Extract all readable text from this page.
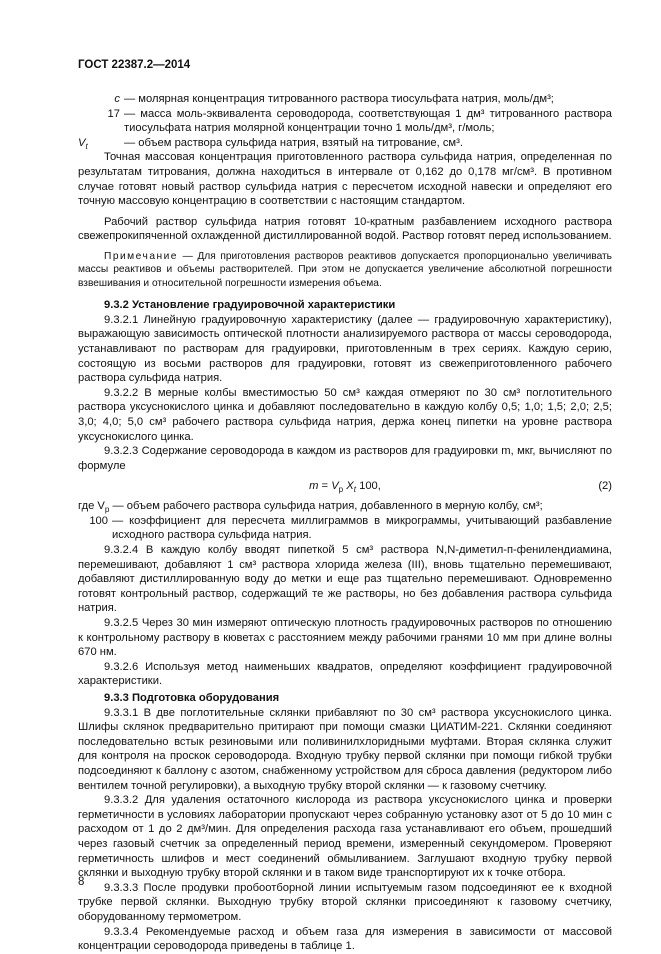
ГОСТ 22387.2—2014
с — молярная концентрация титрованного раствора тиосульфата натрия, моль/дм³;
17 — масса моль-эквивалента сероводорода, соответствующая 1 дм³ титрованного раствора тиосульфата натрия молярной концентрации точно 1 моль/дм³, г/моль;
$V_t$	— объем раствора сульфида натрия, взятый на титрование, см³.

Точная массовая концентрация приготовленного раствора сульфида натрия, определенная по результатам титрования, должна находиться в интервале от 0,162 до 0,178 мг/см³. В противном случае готовят новый раствор сульфида натрия с пересчетом исходной навески и определяют его точную массовую концентрацию в соответствии с настоящим стандартом.

Рабочий раствор сульфида натрия готовят 10-кратным разбавлением исходного раствора свежепрокипяченной охлажденной дистиллированной водой. Раствор готовят перед использованием.

Примечание — Для приготовления растворов реактивов допускается пропорционально увеличивать массы реактивов и объемы растворителей. При этом не допускается увеличение абсолютной погрешности взвешивания и относительной погрешности измерения объема.

9.3.2 Установление градуировочной характеристики

9.3.2.1 Линейную градуировочную характеристику (далее — градуировочную характеристику), выражающую зависимость оптической плотности анализируемого раствора от массы сероводорода, устанавливают по растворам для градуировки, приготовленным в трех сериях. Каждую серию, состоящую из восьми растворов для градуировки, готовят из свежеприготовленного рабочего раствора сульфида натрия.

9.3.2.2 В мерные колбы вместимостью 50 см³ каждая отмеряют по 30 см³ поглотительного раствора уксуснокислого цинка и добавляют последовательно в каждую колбу 0,5; 1,0; 1,5; 2,0; 2,5; 3,0; 4,0; 5,0 см³ рабочего раствора сульфида натрия, держа конец пипетки на уровне раствора уксуснокислого цинка.

9.3.2.3 Содержание сероводорода в каждом из растворов для градуировки m, мкг, вычисляют по формуле

$m = V_p$ $X_t$ 100,	(2)

где $V_p$ — объем рабочего раствора сульфида натрия, добавленного в мерную колбу, см³;

100 — коэффициент для пересчета миллиграммов в микрограммы, учитывающий разбавление исходного раствора сульфида натрия.

9.3.2.4 В каждую колбу вводят пипеткой 5 см³ раствора N,N-диметил-п-фенилендиамина, перемешивают, добавляют 1 см³ раствора хлорида железа (III), вновь тщательно перемешивают, добавляют дистиллированную воду до метки и еще раз тщательно перемешивают. Одновременно готовят контрольный раствор, содержащий те же растворы, но без добавления раствора сульфида натрия.

9.3.2.5 Через 30 мин измеряют оптическую плотность градуировочных растворов по отношению к контрольному раствору в кюветах с расстоянием между рабочими гранями 10 мм при длине волны 670 нм.

9.3.2.6 Используя метод наименьших квадратов, определяют коэффициент градуировочной характеристики.

9.3.3 Подготовка оборудования

9.3.3.1 В две поглотительные склянки прибавляют по 30 см³ раствора уксуснокислого цинка. Шлифы склянок предварительно притирают при помощи смазки ЦИАТИМ-221. Склянки соединяют последовательно встык резиновыми или поливинилхлоридными муфтами. Вторая склянка служит для контроля на проскок сероводорода. Входную трубку первой склянки при помощи гибкой трубки подсоединяют к баллону с азотом, снабженному устройством для сброса давления (редуктором либо вентилем точной регулировки), а выходную трубку второй склянки — к газовому счетчику.

9.3.3.2 Для удаления остаточного кислорода из раствора уксуснокислого цинка и проверки герметичности в условиях лаборатории пропускают через собранную установку азот от 5 до 10 мин с расходом от 1 до 2 дм³/мин. Для определения расхода газа устанавливают его объем, прошедший через газовый счетчик за определенный период времени, измеренный секундомером. Проверяют герметичность шлифов и мест соединений обмыливанием. Заглушают входную трубку первой склянки и выходную трубку второй склянки и в таком виде транспортируют их к точке отбора.

9.3.3.3 После продувки пробоотборной линии испытуемым газом подсоединяют ее к входной трубке первой склянки. Выходную трубку второй склянки присоединяют к газовому счетчику, оборудованному термометром.

9.3.3.4 Рекомендуемые расход и объем газа для измерения в зависимости от массовой концентрации сероводорода приведены в таблице 1.

8
